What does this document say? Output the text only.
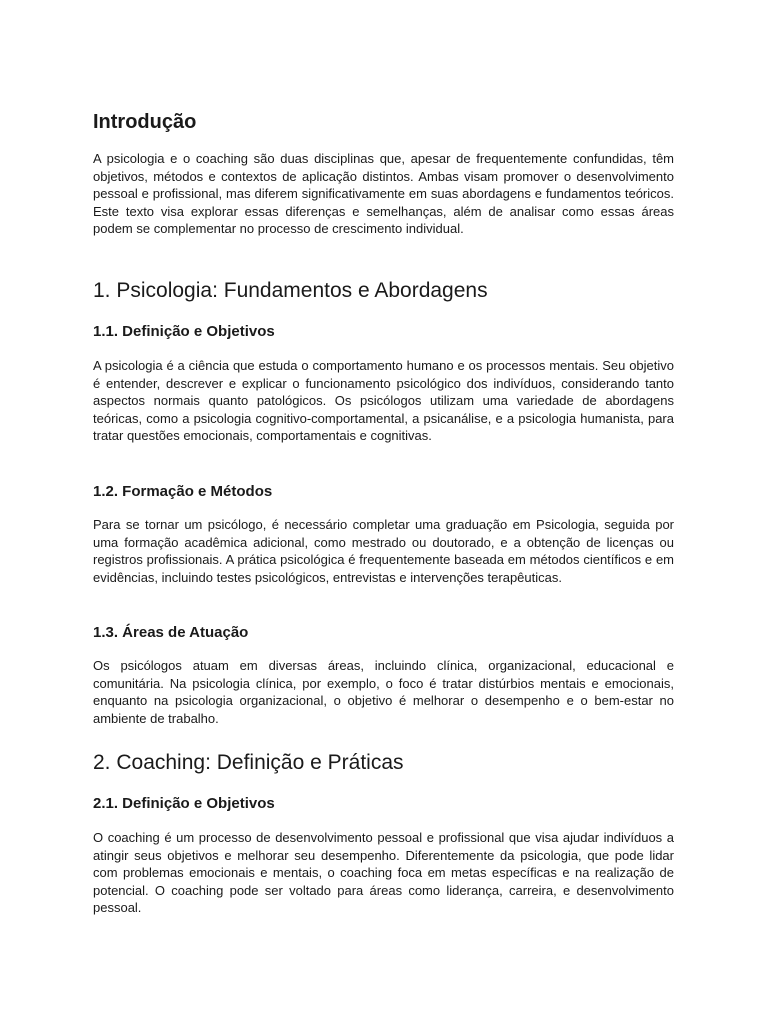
Introdução

A psicologia e o coaching são duas disciplinas que, apesar de frequentemente confundidas, têm objetivos, métodos e contextos de aplicação distintos. Ambas visam promover o desenvolvimento pessoal e profissional, mas diferem significativamente em suas abordagens e fundamentos teóricos. Este texto visa explorar essas diferenças e semelhanças, além de analisar como essas áreas podem se complementar no processo de crescimento individual.

1. Psicologia: Fundamentos e Abordagens
1.1. Definição e Objetivos

A psicologia é a ciência que estuda o comportamento humano e os processos mentais. Seu objetivo é entender, descrever e explicar o funcionamento psicológico dos indivíduos, considerando tanto aspectos normais quanto patológicos. Os psicólogos utilizam uma variedade de abordagens teóricas, como a psicologia cognitivo-comportamental, a psicanálise, e a psicologia humanista, para tratar questões emocionais, comportamentais e cognitivas.

1.2. Formação e Métodos

Para se tornar um psicólogo, é necessário completar uma graduação em Psicologia, seguida por uma formação acadêmica adicional, como mestrado ou doutorado, e a obtenção de licenças ou registros profissionais. A prática psicológica é frequentemente baseada em métodos científicos e em evidências, incluindo testes psicológicos, entrevistas e intervenções terapêuticas.

1.3. Áreas de Atuação

Os psicólogos atuam em diversas áreas, incluindo clínica, organizacional, educacional e comunitária. Na psicologia clínica, por exemplo, o foco é tratar distúrbios mentais e emocionais, enquanto na psicologia organizacional, o objetivo é melhorar o desempenho e o bem-estar no ambiente de trabalho.

2. Coaching: Definição e Práticas
2.1. Definição e Objetivos

O coaching é um processo de desenvolvimento pessoal e profissional que visa ajudar indivíduos a atingir seus objetivos e melhorar seu desempenho. Diferentemente da psicologia, que pode lidar com problemas emocionais e mentais, o coaching foca em metas específicas e na realização de potencial. O coaching pode ser voltado para áreas como liderança, carreira, e desenvolvimento pessoal.
